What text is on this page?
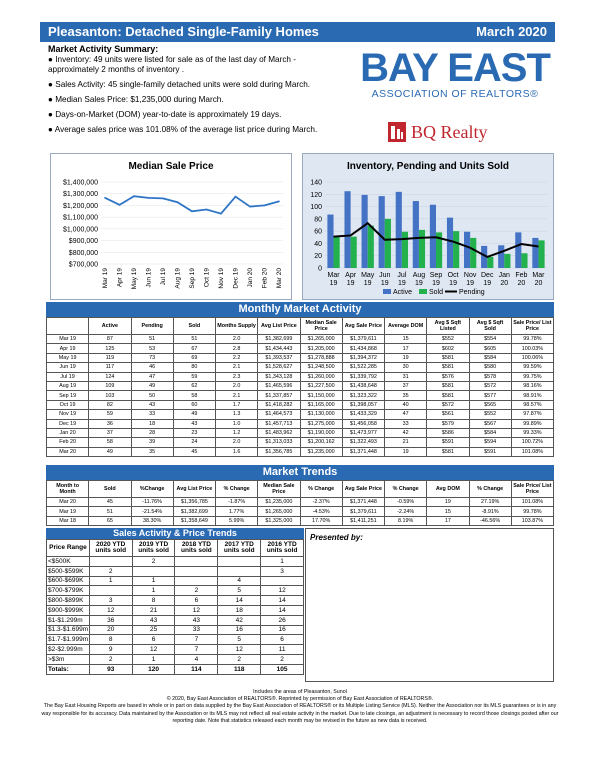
Pleasanton: Detached Single-Family Homes	March 2020

Market Activity Summary:

● Inventory: 49 units were listed for sale as of the last day of March - approximately 2 months of inventory .

● Sales Activity: 45 single-family detached units were sold during March.

● Median Sales Price: $1,235,000 during March.

● Days-on-Market (DOM) year-to-date is approximately 19 days.

● Average sales price was 101.08% of the average list price during March.

BAY EAST
ASSOCIATION OF REALTORS®
BQ Realty
Median Sale Price
$1,400,000
$1,300,000
$1,200,000
$1,100,000
$1,000,000
$900,000
$800,000
$700,000
Mar 19 Apr 19 May 19 Jun 19 Jul 19 Aug 19 Sep 19 Oct 19 Nov 19 Dec 19 Jan 20 Feb 20 Mar 20
Inventory, Pending and Units Sold
140
120
100
80
60
40
20
0
Mar
19
Apr
19
May
19
Jun
19
Jul
19
Aug
19
Sep
19
Oct
19
Nov
19
Dec
19
Jan
20
Feb
20
Mar
20
Active Sold Pending
Monthly Market Activity
	Active	Pending	Sold	Months Supply	Avg List Price	Median Sale Price	Avg Sale Price	Average DOM	Avg $ Sqft Listed	Avg $ Sqft Sold	Sale Price/ List Price
Mar 19	87	51	51	2.0	$1,382,699	$1,265,000	$1,379,611	15	$552	$554	99.78%
Apr 19	125	53	67	2.8	$1,434,443	$1,205,000	$1,434,868	17	$602	$605	100.03%
May 19	119	73	69	2.2	$1,393,537	$1,278,888	$1,394,372	19	$581	$584	100.06%
Jun 19	117	46	80	2.1	$1,528,627	$1,248,500	$1,522,285	30	$581	$580	99.59%
Jul 19	124	47	59	2.3	$1,343,128	$1,260,000	$1,339,792	31	$576	$578	99.75%
Aug 19	109	49	62	2.0	$1,465,596	$1,227,500	$1,438,648	37	$581	$572	98.16%
Sep 19	103	50	58	2.1	$1,337,857	$1,150,000	$1,323,322	35	$581	$577	98.91%
Oct 19	82	43	60	1.7	$1,418,282	$1,165,000	$1,398,057	40	$572	$565	98.57%
Nov 19	59	33	49	1.3	$1,464,573	$1,130,000	$1,433,329	47	$561	$552	97.87%
Dec 19	36	18	43	1.0	$1,457,713	$1,275,000	$1,456,058	33	$579	$567	99.89%
Jan 20	37	28	23	1.2	$1,483,962	$1,190,000	$1,473,977	42	$586	$584	99.33%
Feb 20	58	39	24	2.0	$1,313,033	$1,200,162	$1,322,493	21	$591	$594	100.72%
Mar 20	49	35	45	1.6	$1,356,785	$1,235,000	$1,371,448	19	$581	$591	101.08%
Market Trends
Month to Month	Sold	%Change	Avg List Price	% Change	Median Sale Price	% Change	Avg Sale Price	% Change	Avg DOM	% Change	Sale Price/ List Price
Mar 20	45	-11.76%	$1,356,785	-1.87%	$1,235,000	-2.37%	$1,371,448	-0.59%	19	27.19%	101.08%
Mar 19	51	-21.54%	$1,382,699	1.77%	$1,265,000	-4.53%	$1,379,611	-2.24%	15	-8.91%	99.78%
Mar 18	65	38.30%	$1,358,649	5.99%	$1,325,000	17.70%	$1,411,251	8.19%	17	-46.56%	103.87%
Sales Activity & Price Trends
Price Range	2020 YTD units sold	2019 YTD units sold	2018 YTD units sold	2017 YTD units sold	2016 YTD units sold
<$500K		2			1
$500-$599K	2				3
$600-$699K	1	1		4	
$700-$799K		1	2	5	12
$800-$899K	3	8	6	14	14
$900-$999K	12	21	12	18	14
$1-$1.299m	36	43	43	42	26
$1.3-$1.699m	20	25	33	16	16
$1.7-$1.999m	8	6	7	5	6
$2-$2.999m	9	12	7	12	11
>$3m	2	1	4	2	2
Totals:	93	120	114	118	105
Presented by:
Includes the areas of Pleasanton, Sunol
© 2020, Bay East Association of REALTORS®. Reprinted by permission of Bay East Association of REALTORS®.
The Bay East Housing Reports are based in whole or in part on data supplied by the Bay East Association of REALTORS® or its Multiple Listing Service (MLS). Neither the Association nor its MLS guarantees or is in any way responsible for its accuracy. Data maintained by the Association or its MLS may not reflect all real estate activity in the market. Due to late closings, an adjustment is necessary to record those closings posted after our reporting date. Note that statistics released each month may be revised in the future as new data is received.
